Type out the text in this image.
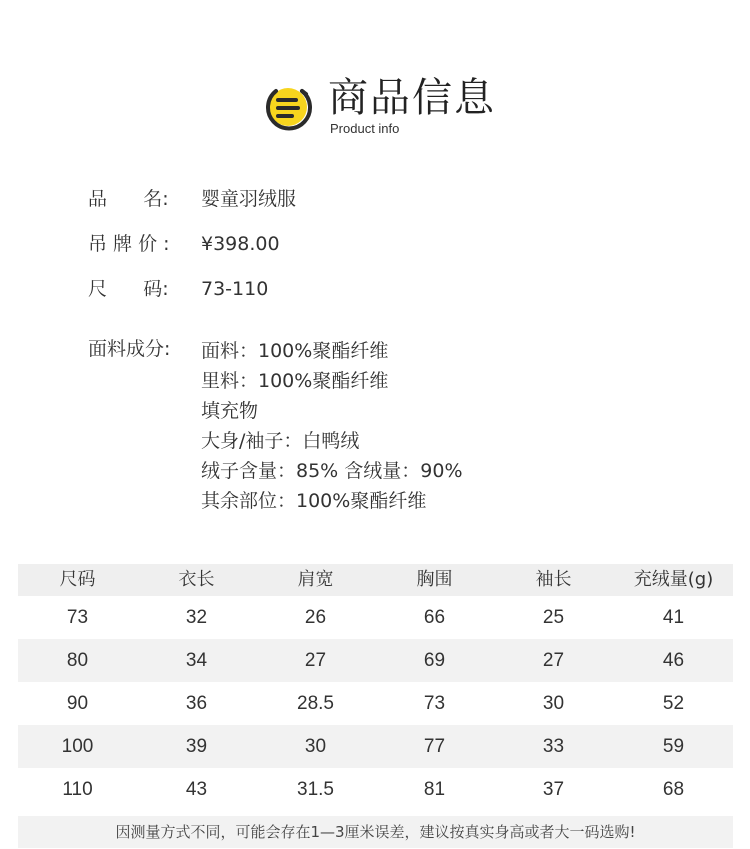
商品信息
Product info
品      名:	婴童羽绒服
吊 牌 价 :	¥398.00
尺      码:	73-110
面料成分: 面料：100%聚酯纤维
里料：100%聚酯纤维
填充物
大身/袖子：白鸭绒
绒子含量：85% 含绒量：90%
其余部位：100%聚酯纤维
尺码	衣长	肩宽	胸围	袖长	充绒量(g)
73	32	26	66	25	41
80	34	27	69	27	46
90	36	28.5	73	30	52
100	39	30	77	33	59
110	43	31.5	81	37	68
因测量方式不同，可能会存在1—3厘米误差，建议按真实身高或者大一码选购!
